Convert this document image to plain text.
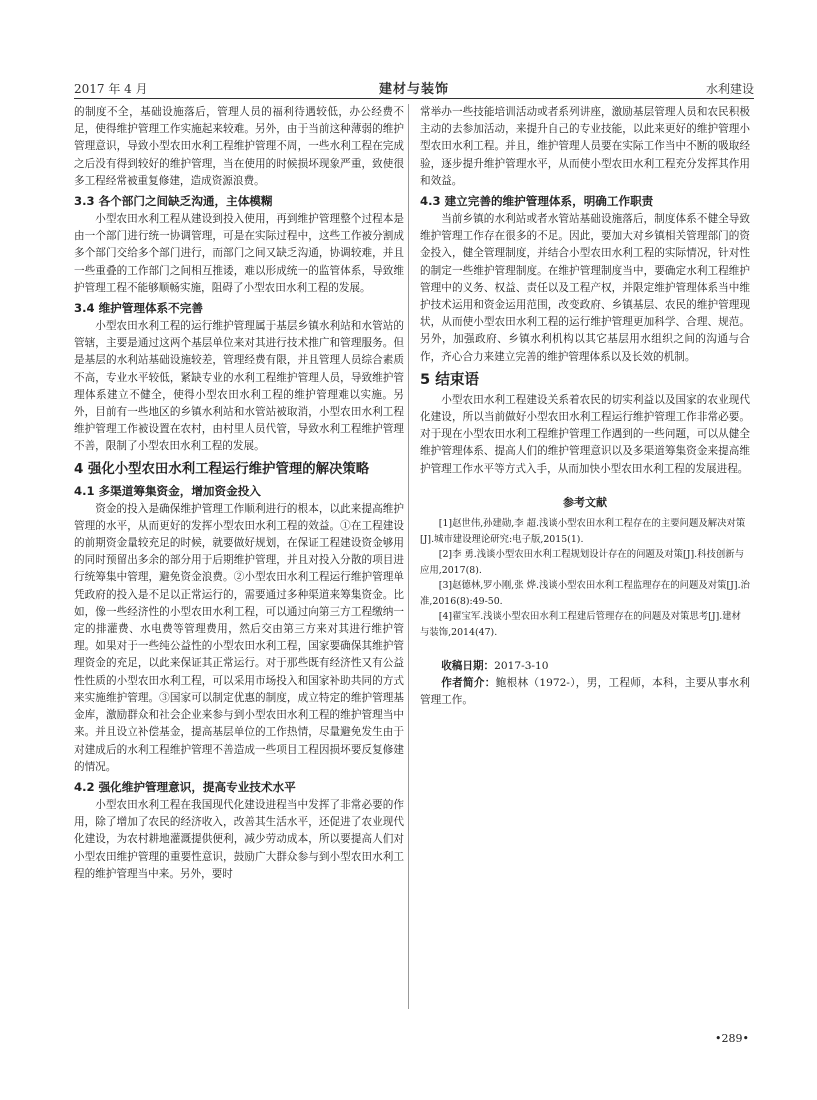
2017 年 4 月	建材与装饰	水利建设

的制度不全，基础设施落后，管理人员的福利待遇较低，办公经费不足，使得维护管理工作实施起来较难。另外，由于当前这种薄弱的维护管理意识，导致小型农田水利工程维护管理不周，一些水利工程在完成之后没有得到较好的维护管理，当在使用的时候损坏现象严重，致使很多工程经常被重复修建，造成资源浪费。

3.3 各个部门之间缺乏沟通，主体模糊

小型农田水利工程从建设到投入使用，再到维护管理整个过程本是由一个部门进行统一协调管理，可是在实际过程中，这些工作被分割成多个部门交给多个部门进行，而部门之间又缺乏沟通，协调较难，并且一些重叠的工作部门之间相互推诿，难以形成统一的监管体系，导致维护管理工程不能够顺畅实施，阻碍了小型农田水利工程的发展。

3.4 维护管理体系不完善

小型农田水利工程的运行维护管理属于基层乡镇水利站和水管站的管辖，主要是通过这两个基层单位来对其进行技术推广和管理服务。但是基层的水利站基础设施较差，管理经费有限，并且管理人员综合素质不高，专业水平较低，紧缺专业的水利工程维护管理人员，导致维护管理体系建立不健全，使得小型农田水利工程的维护管理难以实施。另外，目前有一些地区的乡镇水利站和水管站被取消，小型农田水利工程维护管理工作被设置在农村，由村里人员代管，导致水利工程维护管理不善，限制了小型农田水利工程的发展。

4 强化小型农田水利工程运行维护管理的解决策略
4.1 多渠道筹集资金，增加资金投入

资金的投入是确保维护管理工作顺利进行的根本，以此来提高维护管理的水平，从而更好的发挥小型农田水利工程的效益。①在工程建设的前期资金量较充足的时候，就要做好规划，在保证工程建设资金够用的同时预留出多余的部分用于后期维护管理，并且对投入分散的项目进行统筹集中管理，避免资金浪费。②小型农田水利工程运行维护管理单凭政府的投入是不足以正常运行的，需要通过多种渠道来筹集资金。比如，像一些经济性的小型农田水利工程，可以通过向第三方工程缴纳一定的排灌费、水电费等管理费用，然后交由第三方来对其进行维护管理。如果对于一些纯公益性的小型农田水利工程，国家要确保其维护管理资金的充足，以此来保证其正常运行。对于那些既有经济性又有公益性性质的小型农田水利工程，可以采用市场投入和国家补助共同的方式来实施维护管理。③国家可以制定优惠的制度，成立特定的维护管理基金库，激励群众和社会企业来参与到小型农田水利工程的维护管理当中来。并且设立补偿基金，提高基层单位的工作热情，尽量避免发生由于对建成后的水利工程维护管理不善造成一些项目工程因损坏要反复修建的情况。

4.2 强化维护管理意识，提高专业技术水平

小型农田水利工程在我国现代化建设进程当中发挥了非常必要的作用，除了增加了农民的经济收入，改善其生活水平，还促进了农业现代化建设，为农村耕地灌溉提供便利，减少劳动成本，所以要提高人们对小型农田维护管理的重要性意识，鼓励广大群众参与到小型农田水利工程的维护管理当中来。另外，要时

常举办一些技能培训活动或者系列讲座，激励基层管理人员和农民积极主动的去参加活动，来提升自己的专业技能，以此来更好的维护管理小型农田水利工程。并且，维护管理人员要在实际工作当中不断的吸取经验，逐步提升维护管理水平，从而使小型农田水利工程充分发挥其作用和效益。

4.3 建立完善的维护管理体系，明确工作职责

当前乡镇的水利站或者水管站基础设施落后，制度体系不健全导致维护管理工作存在很多的不足。因此，要加大对乡镇相关管理部门的资金投入，健全管理制度，并结合小型农田水利工程的实际情况，针对性的制定一些维护管理制度。在维护管理制度当中，要确定水利工程维护管理中的义务、权益、责任以及工程产权，并限定维护管理体系当中维护技术运用和资金运用范围，改变政府、乡镇基层、农民的维护管理现状，从而使小型农田水利工程的运行维护管理更加科学、合理、规范。另外，加强政府、乡镇水利机构以其它基层用水组织之间的沟通与合作，齐心合力来建立完善的维护管理体系以及长效的机制。

5 结束语

小型农田水利工程建设关系着农民的切实利益以及国家的农业现代化建设，所以当前做好小型农田水利工程运行维护管理工作非常必要。对于现在小型农田水利工程维护管理工作遇到的一些问题，可以从健全维护管理体系、提高人们的维护管理意识以及多渠道筹集资金来提高维护管理工作水平等方式入手，从而加快小型农田水利工程的发展进程。

参考文献

[1]赵世伟,孙建勋,李 超.浅谈小型农田水利工程存在的主要问题及解决对策[J].城市建设理论研究:电子版,2015(1).

[2]李 勇.浅谈小型农田水利工程规划设计存在的问题及对策[J].科技创新与应用,2017(8).

[3]赵德林,罗小刚,张 烨.浅谈小型农田水利工程监理存在的问题及对策[J].治准,2016(8):49-50.

[4]翟宝军.浅谈小型农田水利工程建后管理存在的问题及对策思考[J].建材与装饰,2014(47).

收稿日期：2017-3-10

作者简介：鲍根林（1972-），男，工程师，本科，主要从事水利管理工作。

•289•
